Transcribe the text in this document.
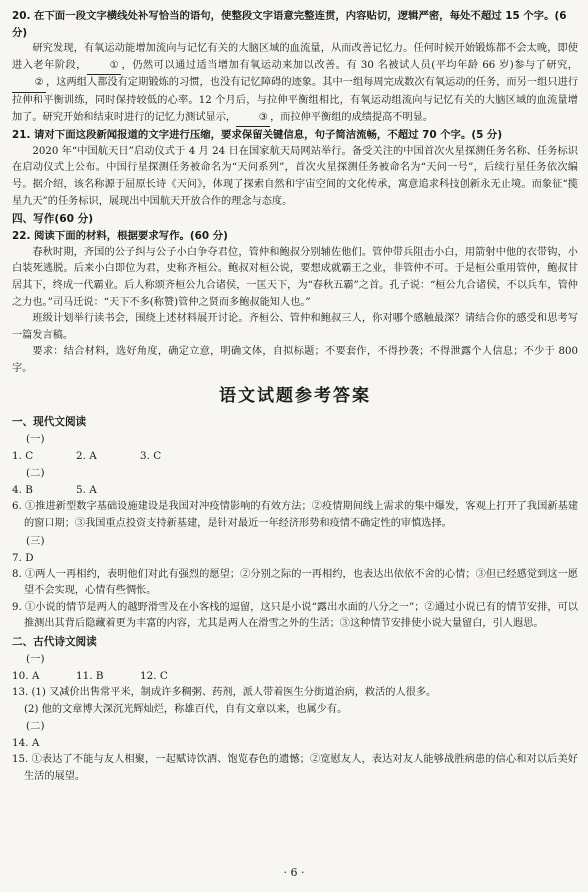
20. 在下面一段文字横线处补写恰当的语句，使整段文字语意完整连贯，内容贴切，逻辑严密，每处不超过 15 个字。(6 分)

研究发现，有氧运动能增加流向与记忆有关的大脑区域的血流量，从而改善记忆力。任何时候开始锻炼都不会太晚，即使进入老年阶段， ① ，仍然可以通过适当增加有氧运动来加以改善。有 30 名被试人员(平均年龄 66 岁)参与了研究，② ，这两组人都没有定期锻炼的习惯，也没有记忆障碍的迹象。其中一组每周完成数次有氧运动的任务，而另一组只进行拉伸和平衡训练，同时保持较低的心率。12 个月后，与拉伸平衡组相比，有氧运动组流向与记忆有关的大脑区域的血流量增加了。研究开始和结束时进行的记忆力测试显示， ③ ，而拉伸平衡组的成绩提高不明显。

21. 请对下面这段新闻报道的文字进行压缩，要求保留关键信息，句子简洁流畅，不超过 70 个字。(5 分)

2020 年“中国航天日”启动仪式于 4 月 24 日在国家航天局网站举行。备受关注的中国首次火星探测任务名称、任务标识在启动仪式上公布。中国行星探测任务被命名为“天问系列”，首次火星探测任务被命名为“天问一号”，后续行星任务依次编号。据介绍，该名称源于屈原长诗《天问》，体现了探索自然和宇宙空间的文化传承，寓意追求科技创新永无止境。而象征“揽星九天”的任务标识，展现出中国航天开放合作的理念与态度。

四、写作(60 分)

22. 阅读下面的材料，根据要求写作。(60 分)

春秋时期，齐国的公子纠与公子小白争夺君位，管仲和鲍叔分别辅佐他们。管仲带兵阻击小白，用箭射中他的衣带钩，小白装死逃脱。后来小白即位为君，史称齐桓公。鲍叔对桓公说，要想成就霸王之业，非管仲不可。于是桓公重用管仲，鲍叔甘居其下，终成一代霸业。后人称颂齐桓公九合诸侯，一匡天下，为“春秋五霸”之首。孔子说：“桓公九合诸侯，不以兵车，管仲之力也。”司马迁说：“天下不多(称赞)管仲之贤而多鲍叔能知人也。”

班级计划举行读书会，围绕上述材料展开讨论。齐桓公、管仲和鲍叔三人，你对哪个感触最深？请结合你的感受和思考写一篇发言稿。

要求：结合材料，选好角度，确定立意，明确文体，自拟标题；不要套作，不得抄袭；不得泄露个人信息；不少于 800 字。

语文试题参考答案

一、现代文阅读

(一)

1. C	2. A	3. C

(二)

4. B	5. A

6. ①推进新型数字基础设施建设是我国对冲疫情影响的有效方法；②疫情期间线上需求的集中爆发，客观上打开了我国新基建的窗口期；③我国重点投资支持新基建，是针对最近一年经济形势和疫情不确定性的审慎选择。

(三)

7. D

8. ①两人一再相约，表明他们对此有强烈的愿望；②分别之际的一再相约，也表达出依依不舍的心情；③但已经感觉到这一愿望不会实现，心情有些惆怅。

9. ①小说的情节是两人的越野滑雪及在小客栈的逗留，这只是小说“露出水面的八分之一”；②通过小说已有的情节安排，可以推测出其背后隐藏着更为丰富的内容，尤其是两人在滑雪之外的生活；③这种情节安排使小说大量留白，引人遐思。

二、古代诗文阅读

(一)

10. A	11. B	12. C

13. (1) 又减价出售常平米，制成许多稠粥、药剂，派人带着医生分街道治病，救活的人很多。

(2) 他的文章博大深沉光辉灿烂，称雄百代，自有文章以来，也属少有。

(二)

14. A

15. ①表达了不能与友人相聚，一起赋诗饮酒、饱览春色的遗憾；②宽慰友人，表达对友人能够战胜病患的信心和对以后美好生活的展望。

· 6 ·
